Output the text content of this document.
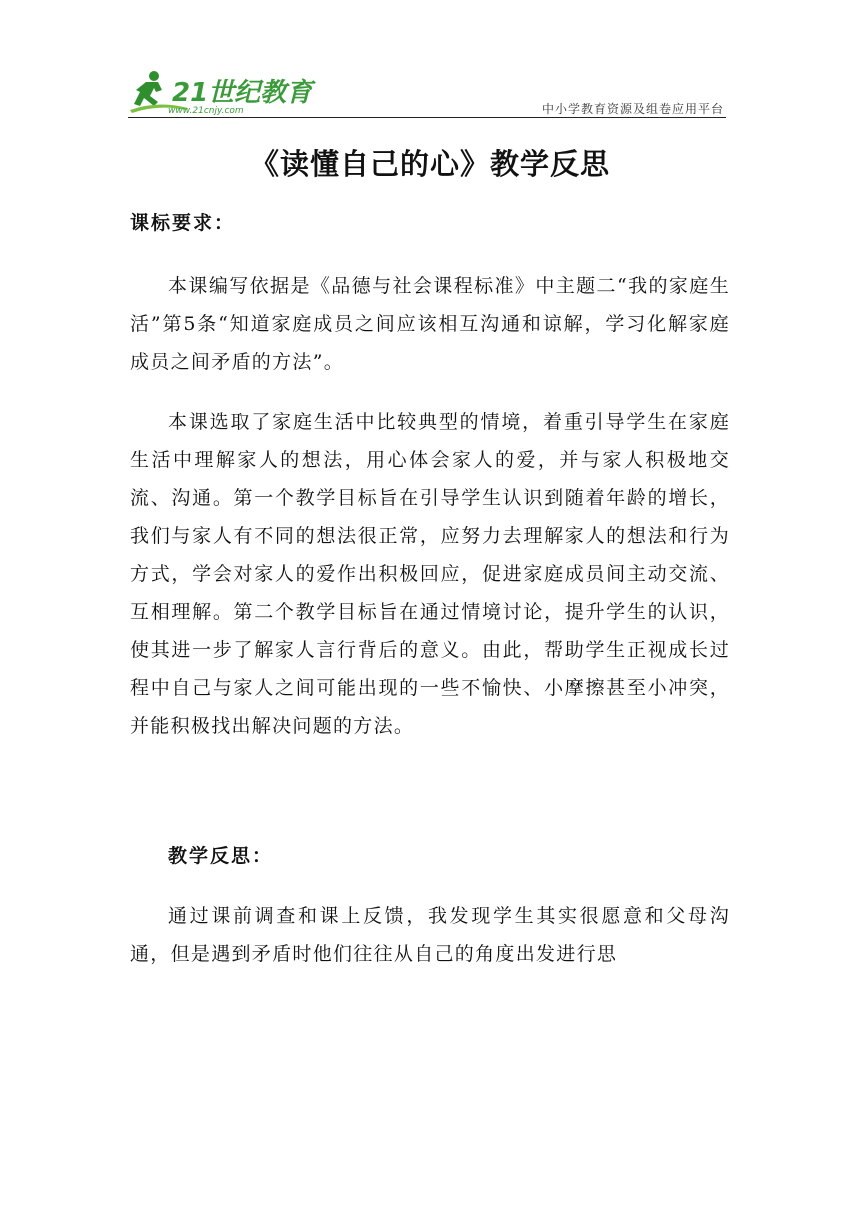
21世纪教育
www.21cnjy.com	中小学教育资源及组卷应用平台
《读懂自己的心》教学反思

课标要求：

本课编写依据是《品德与社会课程标准》中主题二“我的家庭生活”第5条“知道家庭成员之间应该相互沟通和谅解，学习化解家庭成员之间矛盾的方法”。

本课选取了家庭生活中比较典型的情境，着重引导学生在家庭生活中理解家人的想法，用心体会家人的爱，并与家人积极地交流、沟通。第一个教学目标旨在引导学生认识到随着年龄的增长，我们与家人有不同的想法很正常，应努力去理解家人的想法和行为方式，学会对家人的爱作出积极回应，促进家庭成员间主动交流、互相理解。第二个教学目标旨在通过情境讨论，提升学生的认识，使其进一步了解家人言行背后的意义。由此，帮助学生正视成长过程中自己与家人之间可能出现的一些不愉快、小摩擦甚至小冲突，并能积极找出解决问题的方法。

教学反思：

通过课前调查和课上反馈，我发现学生其实很愿意和父母沟通，但是遇到矛盾时他们往往从自己的角度出发进行思
